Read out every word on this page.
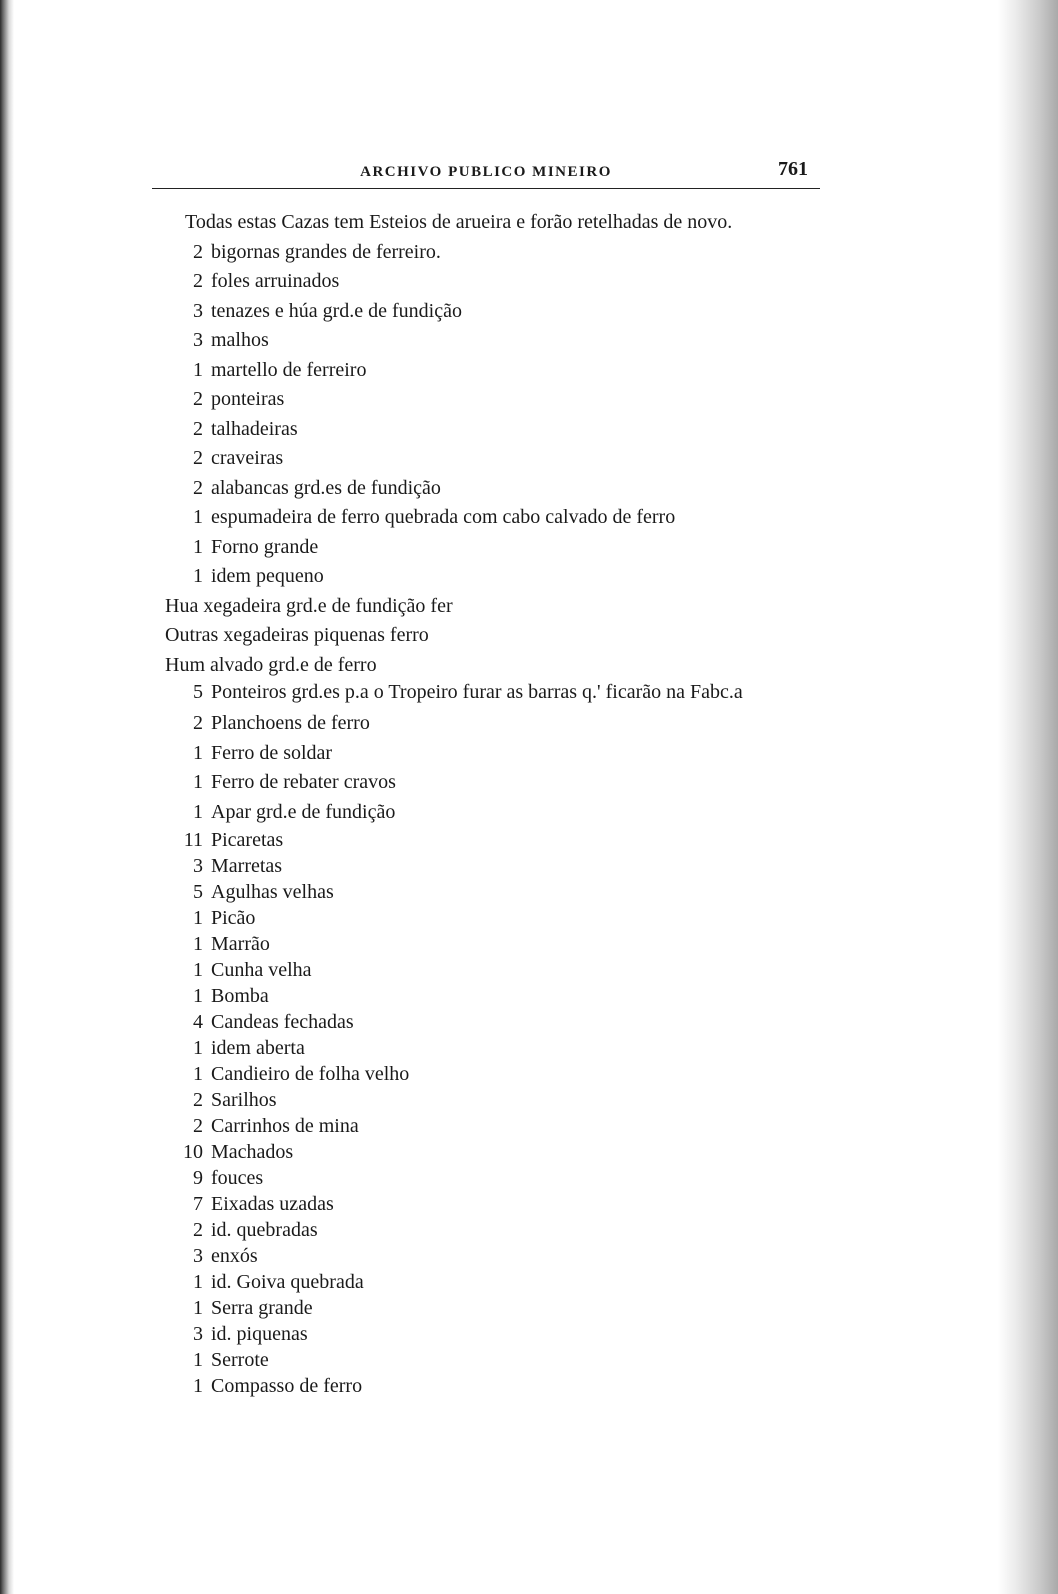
ARCHIVO PUBLICO MINEIRO	761
Todas estas Cazas tem Esteios de arueira e forão retelhadas de novo.
2 bigornas grandes de ferreiro.
2 foles arruinados
3 tenazes e húa grd.e de fundição
3 malhos
1 martello de ferreiro
2 ponteiras
2 talhadeiras
2 craveiras
2 alabancas grd.es de fundição
1 espumadeira de ferro quebrada com cabo calvado de ferro
1 Forno grande
1 idem pequeno
Hua xegadeira grd.e de fundição fer
Outras xegadeiras piquenas ferro
Hum alvado grd.e de ferro
5 Ponteiros grd.es p.a o Tropeiro furar as barras q.' ficarão na Fabc.a
2 Planchoens de ferro
1 Ferro de soldar
1 Ferro de rebater cravos
1 Apar grd.e de fundição
11 Picaretas
3 Marretas
5 Agulhas velhas
1 Picão
1 Marrão
1 Cunha velha
1 Bomba
4 Candeas fechadas
1 idem aberta
1 Candieiro de folha velho
2 Sarilhos
2 Carrinhos de mina
10 Machados
9 fouces
7 Eixadas uzadas
2 id. quebradas
3 enxós
1 id. Goiva quebrada
1 Serra grande
3 id. piquenas
1 Serrote
1 Compasso de ferro
